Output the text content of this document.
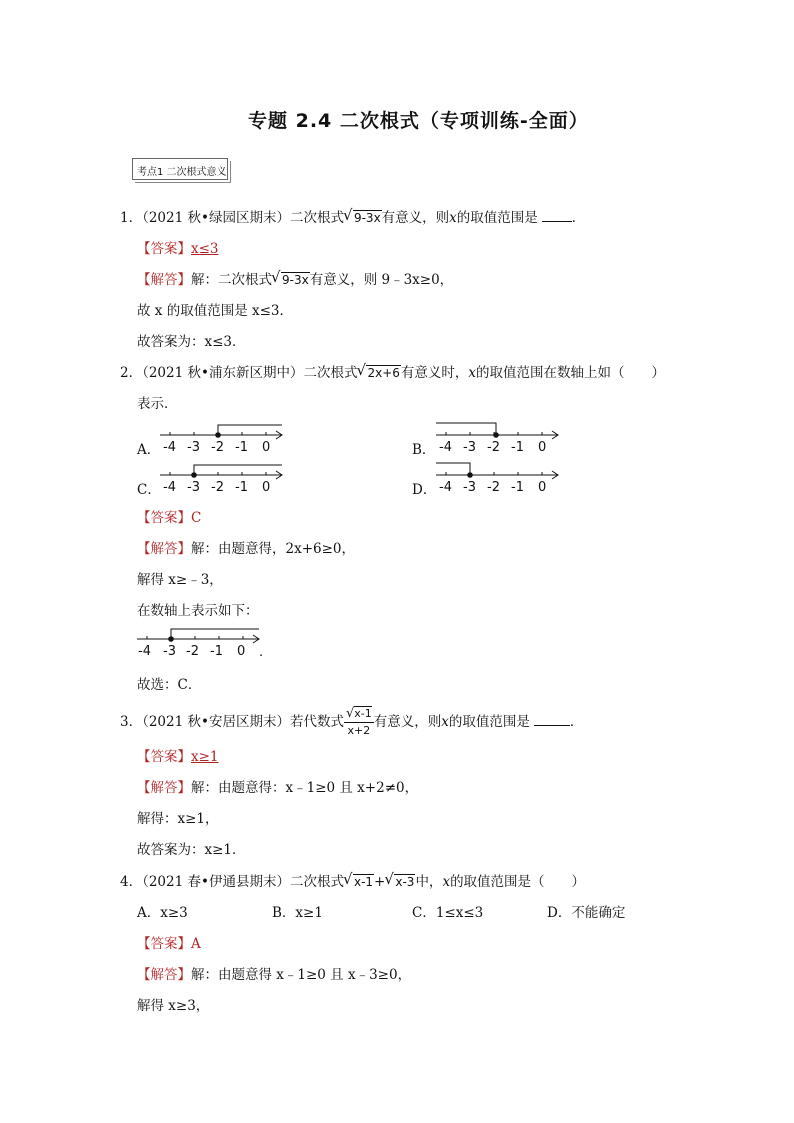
专题 2.4 二次根式（专项训练-全面）
考点1 二次根式意义
1．（2021 秋•绿园区期末）二次根式 √ 9-3x有意义，则x的取值范围是	．
【答案】x≤3
【解答】解：二次根式 √ 9-3x有意义，则 9﹣3x≥0，
故 x 的取值范围是 x≤3．
故答案为：x≤3．
2．（2021 秋•浦东新区期中）二次根式 √ 2x+6有意义时，x的取值范围在数轴上如（　　）
表示．
A． -4 -3 -2 -1 0	B． -4 -3 -2 -1 0
C． -4 -3 -2 -1 0	D． -4 -3 -2 -1 0
【答案】C
【解答】解：由题意得，2x+6≥0，
解得 x≥﹣3，
在数轴上表示如下：
-4 -3 -2 -1 0 .
故选：C．
3．（2021 秋•安居区期末）若代数式 $\frac{√x-1}{x+2}$ 有意义，则x的取值范围是	．
【答案】x≥1
【解答】解：由题意得：x﹣1≥0 且 x+2≠0，
解得：x≥1，
故答案为：x≥1．
4．（2021 春•伊通县期末）二次根式 √ x-1+ √ x-3中，x的取值范围是（　　）
A．x≥3	B．x≥1	C．1≤x≤3	D．不能确定
【答案】A
【解答】解：由题意得 x﹣1≥0 且 x﹣3≥0，
解得 x≥3，
